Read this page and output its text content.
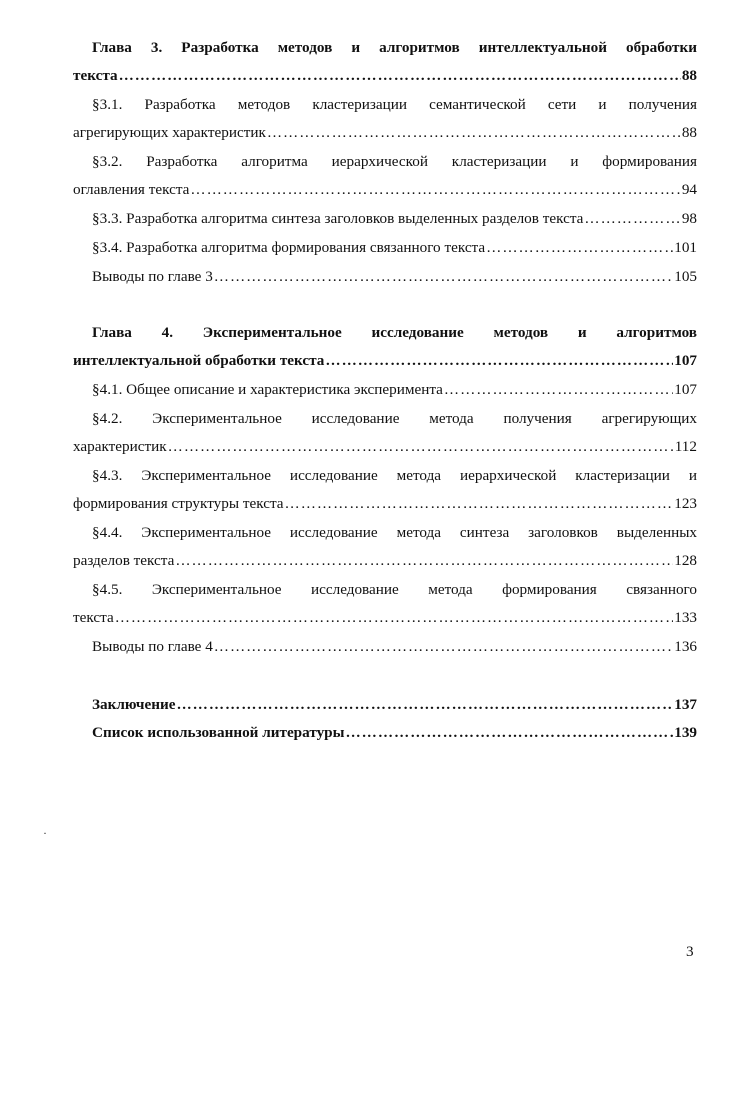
Глава 3. Разработка методов и алгоритмов интеллектуальной обработки

текста ………………………………………………………………………………………………………………………………………………………………………………………	88

§3.1. Разработка методов кластеризации семантической сети и получения

агрегирующих характеристик ………………………………………………………………………………………………………………………………………………………………………………………	88

§3.2. Разработка алгоритма иерархической кластеризации и формирования

оглавления текста ………………………………………………………………………………………………………………………………………………………………………………………	94
§3.3. Разработка алгоритма синтеза заголовков выделенных разделов текста ………………………………………………………………………………………………………………………………………………………………………………………	98
§3.4. Разработка алгоритма формирования связанного текста ………………………………………………………………………………………………………………………………………………………………………………………	101
Выводы по главе 3 ………………………………………………………………………………………………………………………………………………………………………………………	105

Глава 4. Экспериментальное исследование методов и алгоритмов

интеллектуальной обработки текста ………………………………………………………………………………………………………………………………………………………………………………………	107
§4.1. Общее описание и характеристика эксперимента ………………………………………………………………………………………………………………………………………………………………………………………	107

§4.2. Экспериментальное исследование метода получения агрегирующих

характеристик ………………………………………………………………………………………………………………………………………………………………………………………	112

§4.3. Экспериментальное исследование метода иерархической кластеризации и

формирования структуры текста ………………………………………………………………………………………………………………………………………………………………………………………	123

§4.4. Экспериментальное исследование метода синтеза заголовков выделенных

разделов текста ………………………………………………………………………………………………………………………………………………………………………………………	128

§4.5. Экспериментальное исследование метода формирования связанного

текста ………………………………………………………………………………………………………………………………………………………………………………………	133
Выводы по главе 4 ………………………………………………………………………………………………………………………………………………………………………………………	136
Заключение ………………………………………………………………………………………………………………………………………………………………………………………	137
Список использованной литературы ………………………………………………………………………………………………………………………………………………………………………………………	139
·
3
